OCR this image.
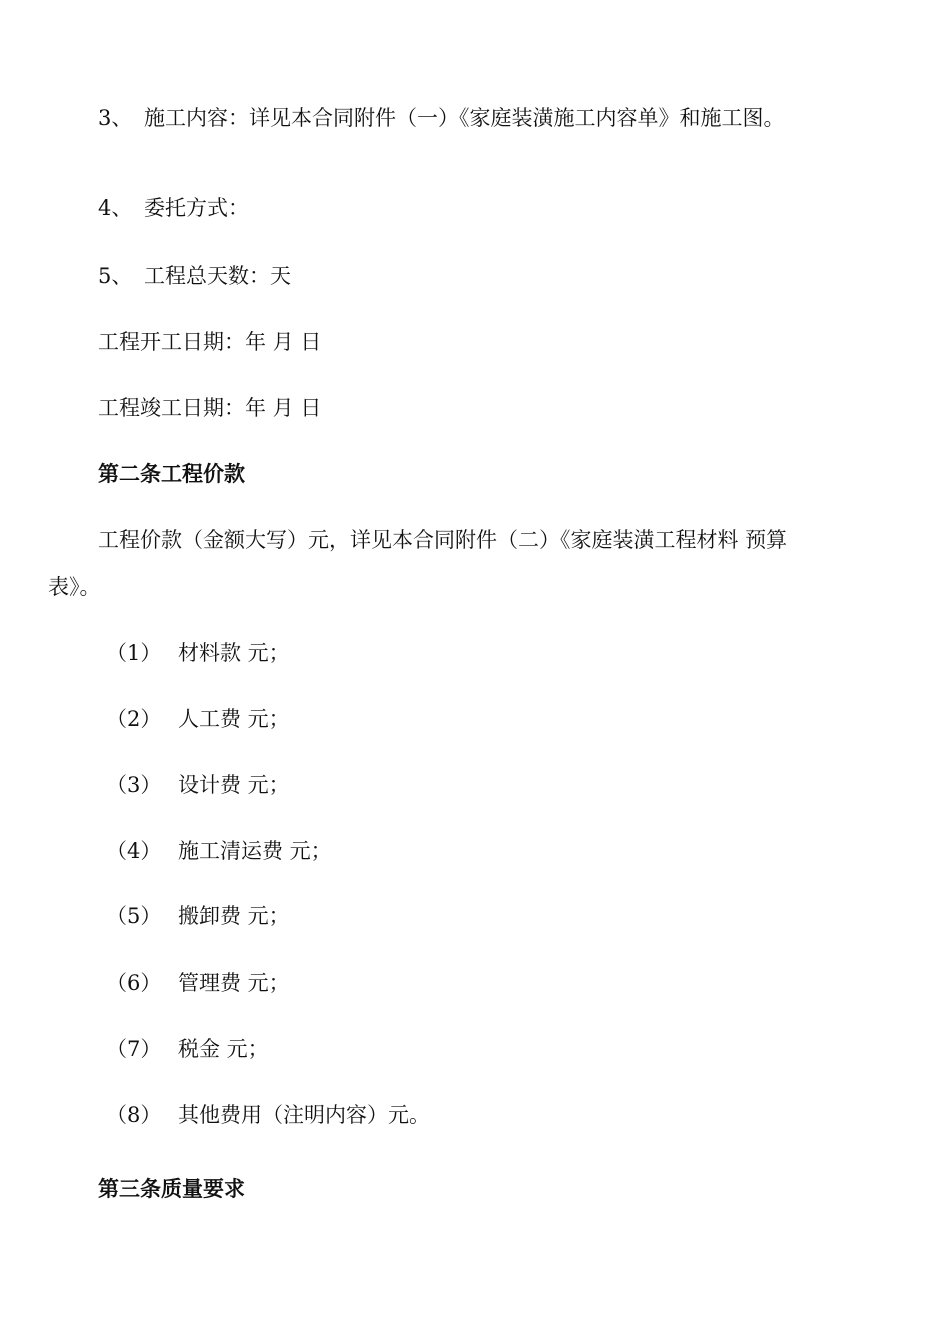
3、 施工内容：详见本合同附件（一）《家庭装潢施工内容单》和施工图。
4、 委托方式：
5、 工程总天数：天
工程开工日期：年 月 日
工程竣工日期：年 月 日
第二条工程价款
工程价款（金额大写）元，详见本合同附件（二）《家庭装潢工程材料 预算
表》。
（1） 材料款 元；
（2） 人工费 元；
（3） 设计费 元；
（4） 施工清运费 元；
（5） 搬卸费 元；
（6） 管理费 元；
（7） 税金 元；
（8） 其他费用（注明内容）元。
第三条质量要求
